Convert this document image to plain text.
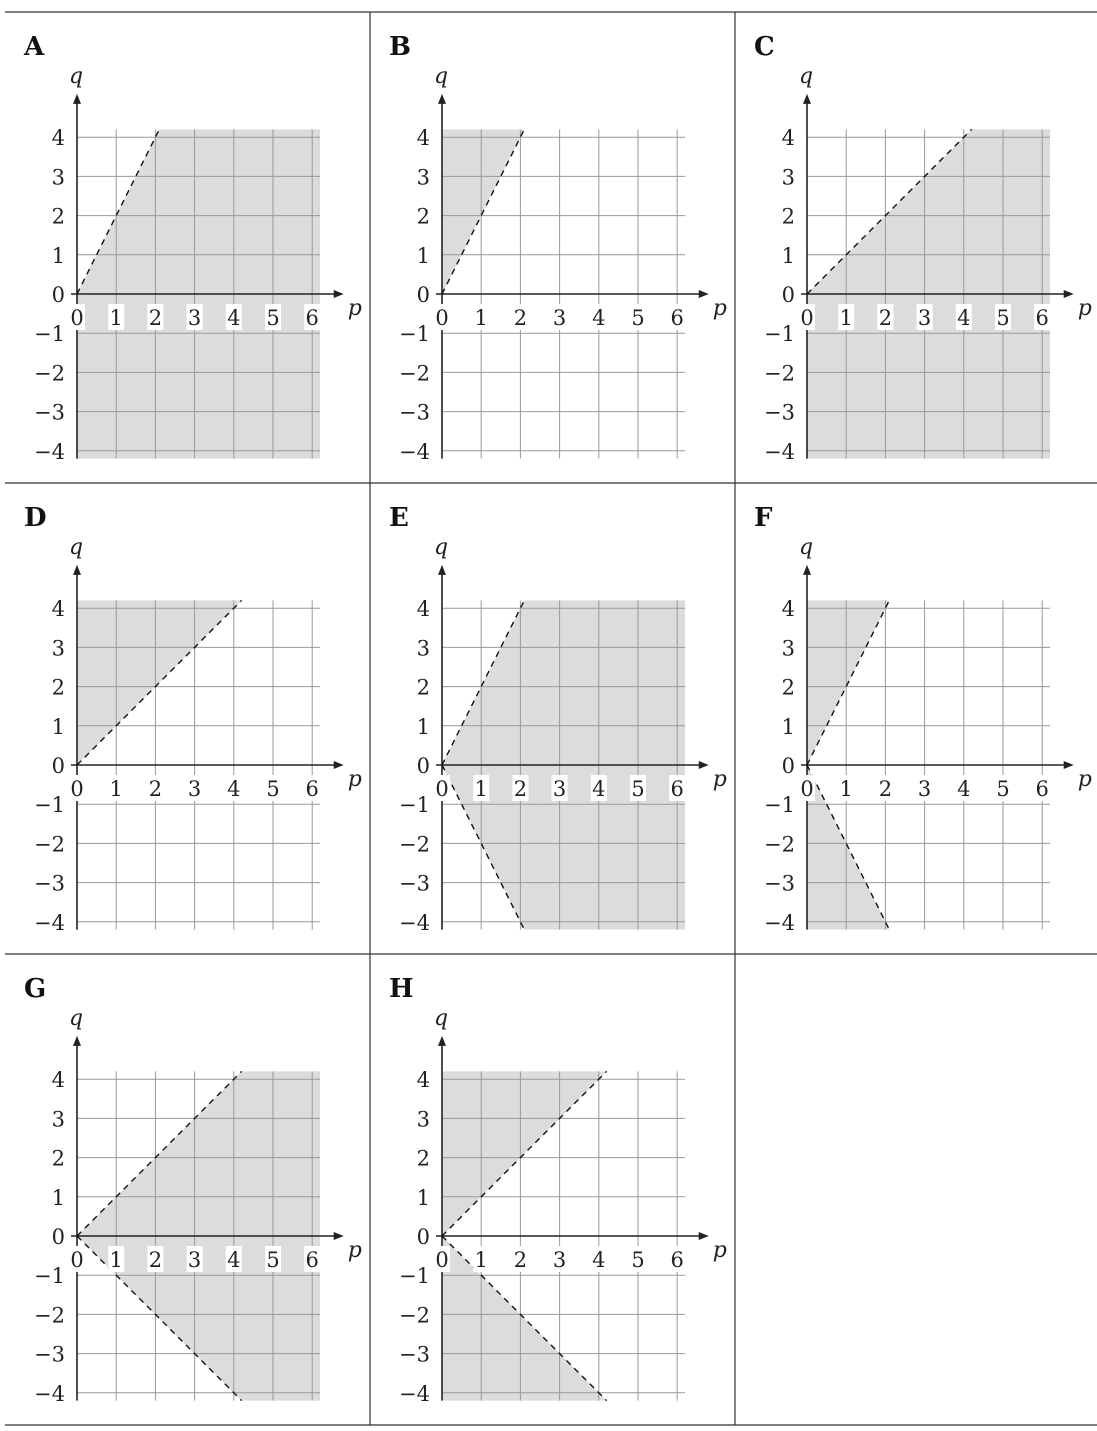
A
0 1 2 3 4 5 6
4
3
2
1
0
−1
−2
−3
−4
p
q
B
0 1 2 3 4 5 6
4
3
2
1
0
−1
−2
−3
−4
p
q
C
0 1 2 3 4 5 6
4
3
2
1
0
−1
−2
−3
−4
p
q
D
0 1 2 3 4 5 6
4
3
2
1
0
−1
−2
−3
−4
p
q
E
0 1 2 3 4 5 6
4
3
2
1
0
−1
−2
−3
−4
p
q
F
0 1 2 3 4 5 6
4
3
2
1
0
−1
−2
−3
−4
p
q
G
0 1 2 3 4 5 6
4
3
2
1
0
−1
−2
−3
−4
p
q
H
0 1 2 3 4 5 6
4
3
2
1
0
−1
−2
−3
−4
p
q
